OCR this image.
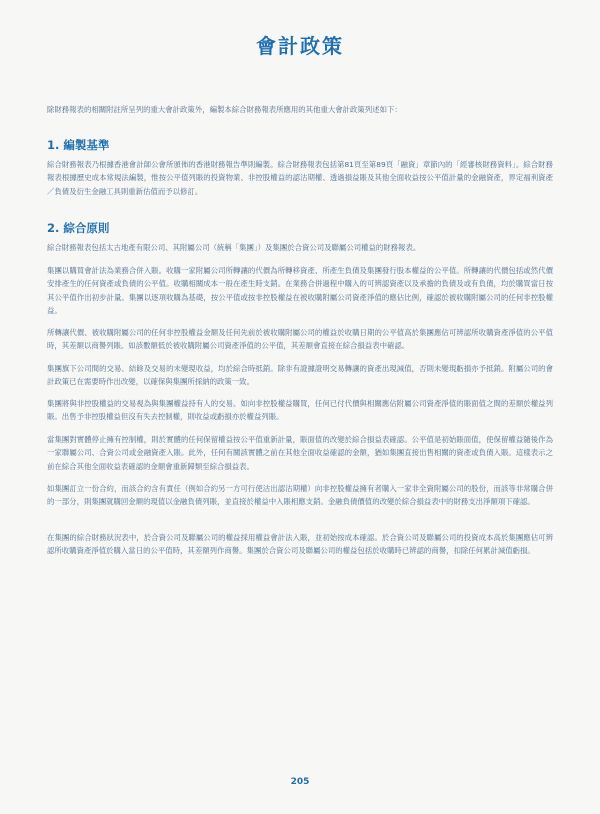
會計政策

除財務報表的相關附註所呈列的重大會計政策外，編製本綜合財務報表所應用的其他重大會計政策列述如下：

1. 編製基準

綜合財務報表乃根據香港會計師公會所頒佈的香港財務報告準則編製。綜合財務報表包括第81頁至第89頁「融資」章節內的「經審核財務資料」。綜合財務報表根據歷史成本常規法編製，惟按公平值列賬的投資物業、非控股權益的認沽期權、透過損益賬及其他全面收益按公平值計量的金融資產，界定福利資產／負債及衍生金融工具則重新估值而予以修訂。

2. 綜合原則

綜合財務報表包括太古地產有限公司、其附屬公司（統稱「集團」）及集團於合資公司及聯屬公司權益的財務報表。

集團以購買會計法為業務合併入賬。收購一家附屬公司所轉讓的代價為所轉移資產、所產生負債及集團發行股本權益的公平值。所轉讓的代價包括或然代價安排產生的任何資產或負債的公平值。收購相關成本一般在產生時支銷。在業務合併過程中購入的可辨認資產以及承擔的負債及或有負債，均於購買當日按其公平值作出初步計量。集團以逐項收購為基礎，按公平值或按非控股權益在被收購附屬公司資產淨值的應佔比例，確認於被收購附屬公司的任何非控股權益。

所轉讓代價、被收購附屬公司的任何非控股權益金額及任何先前於被收購附屬公司的權益於收購日期的公平值高於集團應佔可辨認所收購資產淨值的公平值時，其差額以商譽列賬。如該數額低於被收購附屬公司資產淨值的公平值，其差額會直接在綜合損益表中確認。

集團旗下公司間的交易、結餘及交易的未變現收益，均於綜合時抵銷。除非有證據證明交易轉讓的資產出現減值，否則未變現虧損亦予抵銷。附屬公司的會計政策已在需要時作出改變，以確保與集團所採納的政策一致。

集團將與非控股權益的交易視為與集團權益持有人的交易。如向非控股權益購買，任何已付代價與相關應佔附屬公司資產淨值的賬面值之間的差額於權益列賬。出售予非控股權益但沒有失去控制權，則收益或虧損亦於權益列賬。

當集團對實體停止擁有控制權，則於實體的任何保留權益按公平值重新計量，賬面值的改變於綜合損益表確認。公平值是初始賬面值，使保留權益隨後作為一家聯屬公司、合資公司或金融資產入賬。此外，任何有關該實體之前在其他全面收益確認的金額，猶如集團直接出售相關的資產或負債入賬。這樣表示之前在綜合其他全面收益表確認的金額會重新歸類至綜合損益表。

如集團訂立一份合約，而該合約含有責任（例如合約另一方可行使沽出認沽期權）向非控股權益擁有者購入一家非全資附屬公司的股份，而該等非常購合併的一部分，則集團就購回金額的現值以金融負債列賬，並直接於權益中入賬相應支銷。金融負債價值的改變於綜合損益表中的財務支出淨額項下確認。

在集團的綜合財務狀況表中，於合資公司及聯屬公司的權益採用權益會計法入賬，並初始按成本確認。於合資公司及聯屬公司的投資成本高於集團應佔可辨認所收購資產淨值於購入當日的公平值時，其差額列作商譽。集團於合資公司及聯屬公司的權益包括於收購時已辨認的商譽，扣除任何累計減值虧損。

205
